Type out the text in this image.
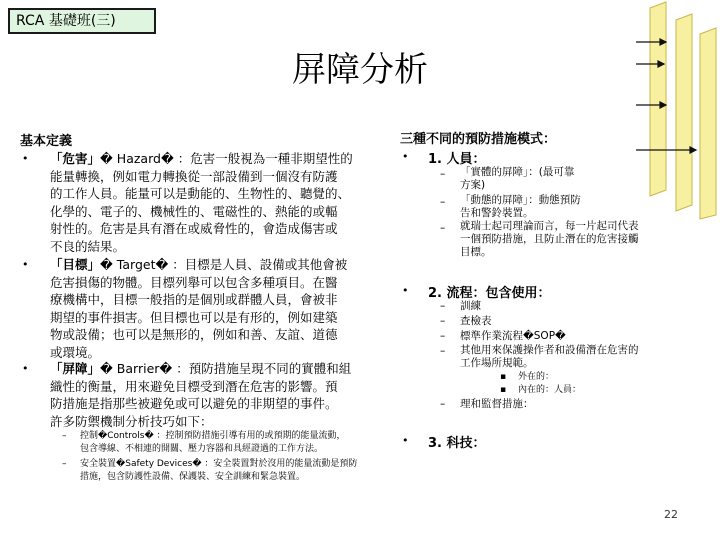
RCA 基礎班(三)
屏障分析
基本定義
• 「危害」� Hazard� ：危害一般視為一種非期望性的
能量轉換，例如電力轉換從一部設備到一個沒有防護
的工作人員。能量可以是動能的、生物性的、聽覺的、
化學的、電子的、機械性的、電磁性的、熱能的或輻
射性的。危害是具有潛在或威脅性的，會造成傷害或
不良的結果。
• 「目標」� Target� ：目標是人員、設備或其他會被
危害損傷的物體。目標列舉可以包含多種項目。在醫
療機構中，目標一般指的是個別或群體人員，會被非
期望的事件損害。但目標也可以是有形的，例如建築
物或設備；也可以是無形的，例如和善、友誼、道德
或環境。
• 「屏障」� Barrier� ：預防措施呈現不同的實體和組
織性的衡量，用來避免目標受到潛在危害的影響。預
防措施是指那些被避免或可以避免的非期望的事件。
許多防禦機制分析技巧如下：
– 控制�Controls� ：控制預防措施引導有用的或預期的能量流動，
包含導線、不相連的開關、壓力容器和具經證過的工作方法。
– 安全裝置�Safety Devices� ：安全裝置對於沒用的能量流動是預防
措施，包含防護性設備、保護裝、安全訓練和緊急裝置。
三種不同的預防措施模式：
• 1. 人員：
– 「實體的屏障」：(最可靠
方案)
– 「動態的屏障」：動態預防
告和警鈴裝置。
– 就瑞士起司理論而言，每一片起司代表
一個預防措施，且防止潛在的危害接觸
目標。
• 2. 流程：包含使用：
– 訓練
– 查檢表
– 標準作業流程�SOP�
– 其他用來保護操作者和設備潛在危害的
工作場所規範。
▪ 外在的：
▪ 內在的：人員：
– 理和監督措施：
• 3. 科技：
22
